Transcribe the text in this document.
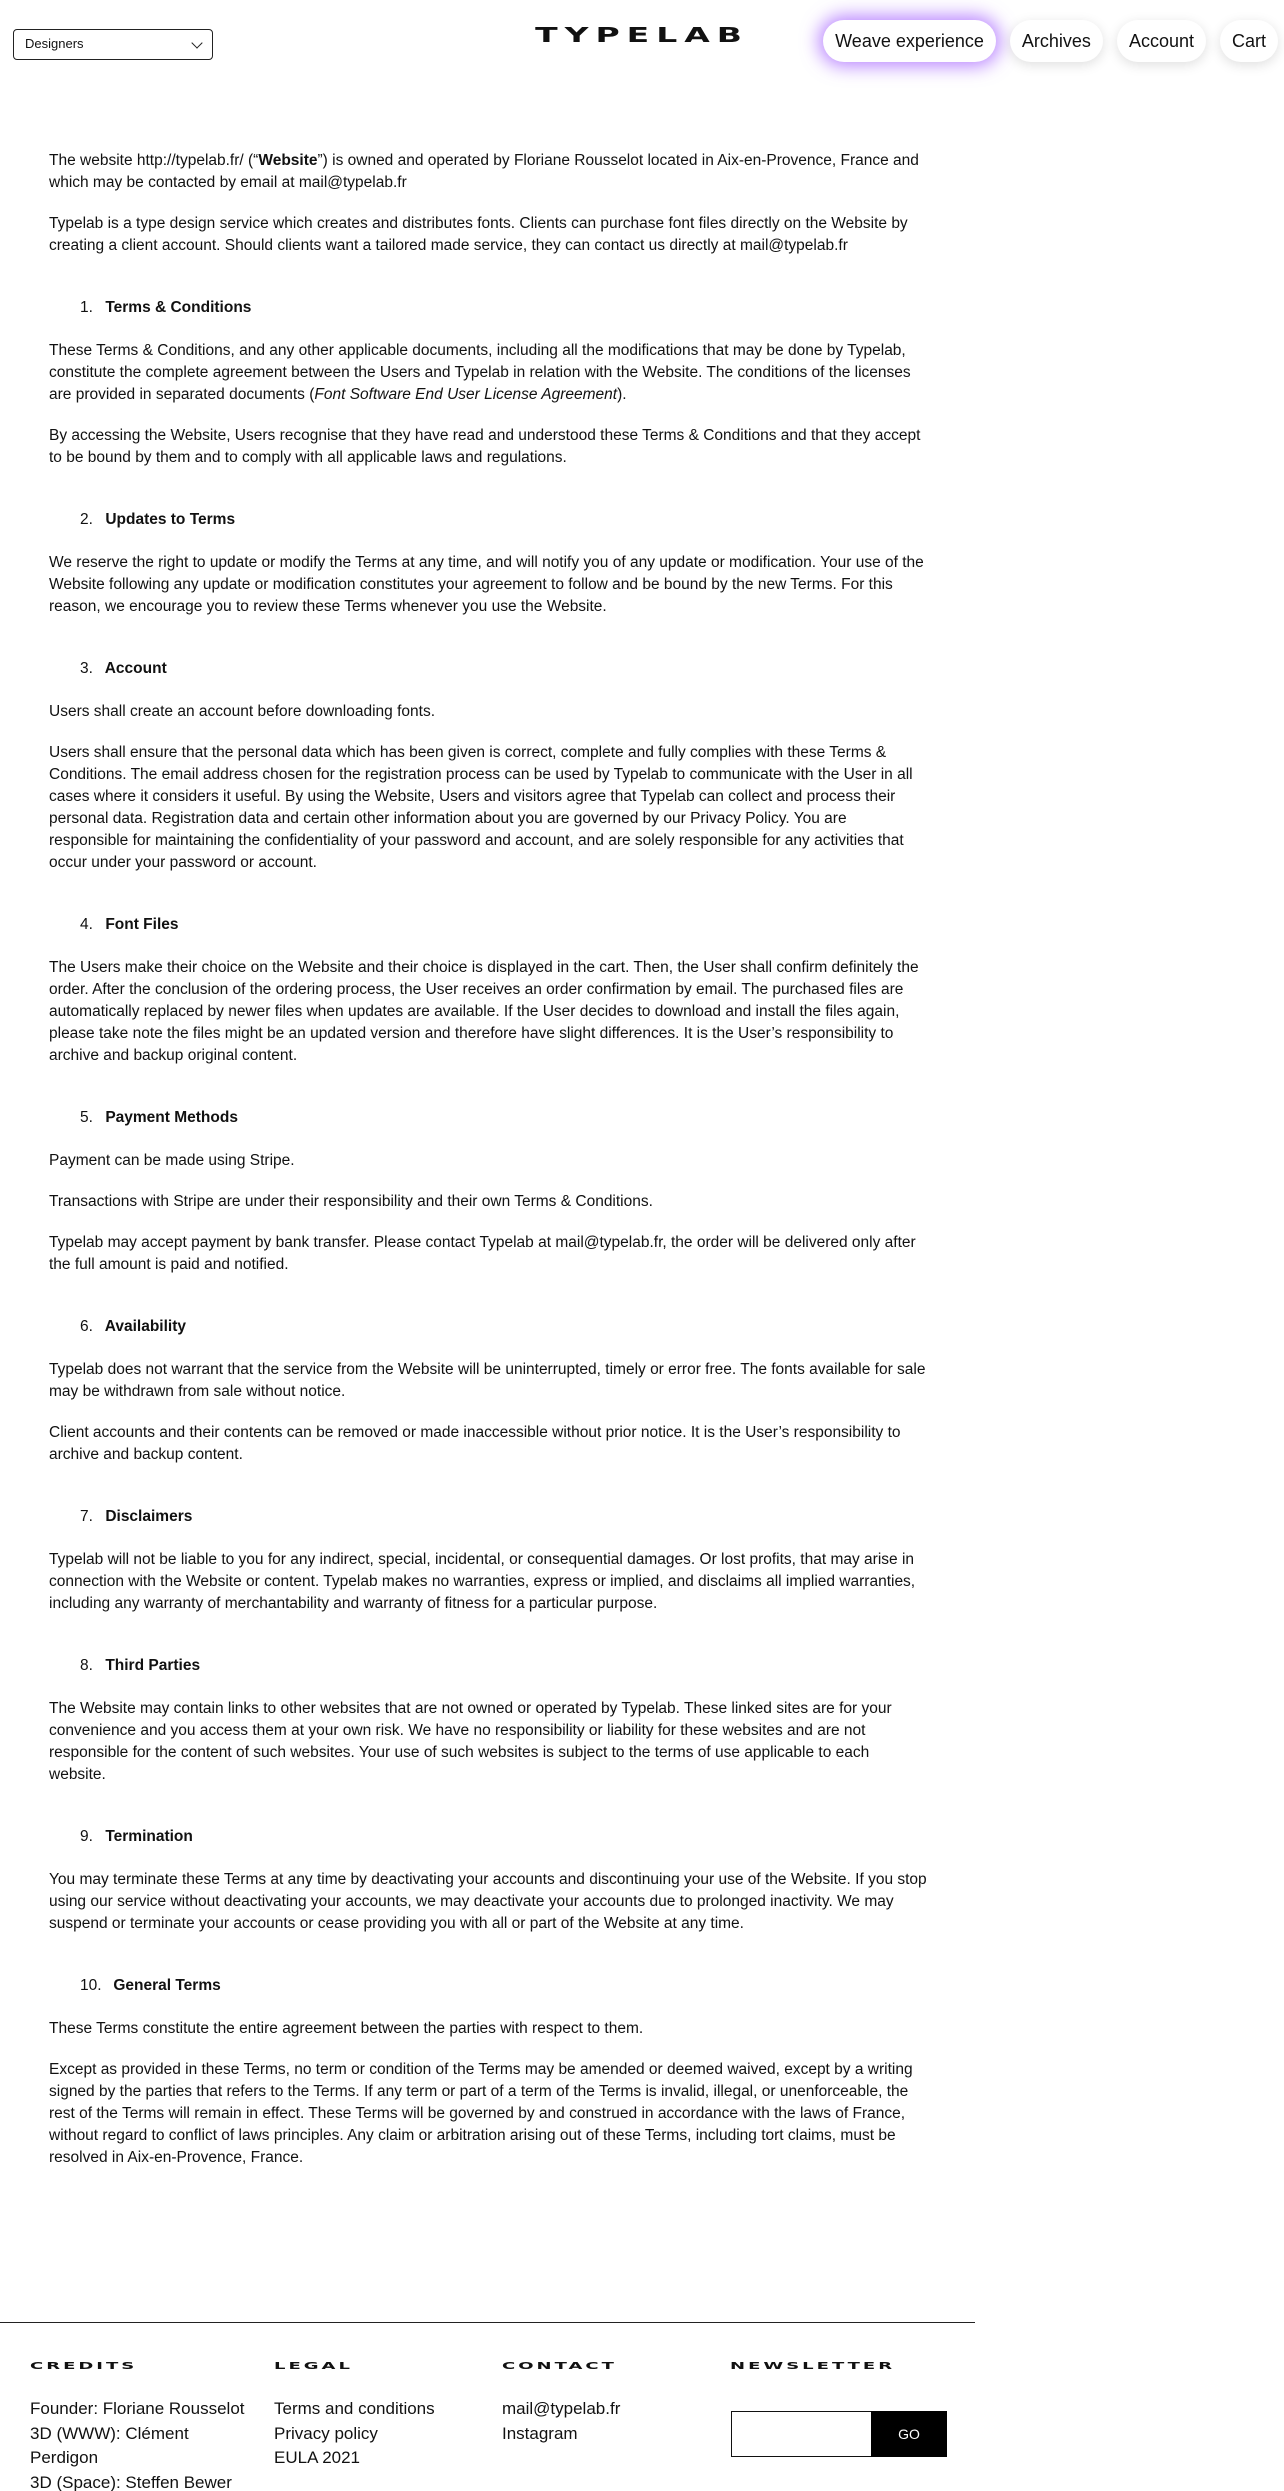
Designers	TYPELAB	Weave experience	Archives	Account	Cart

The website http://typelab.fr/ (“Website”) is owned and operated by Floriane Rousselot located in Aix-en-Provence, France and which may be contacted by email at mail@typelab.fr

Typelab is a type design service which creates and distributes fonts. Clients can purchase font files directly on the Website by creating a client account. Should clients want a tailored made service, they can contact us directly at mail@typelab.fr

1. Terms & Conditions

These Terms & Conditions, and any other applicable documents, including all the modifications that may be done by Typelab, constitute the complete agreement between the Users and Typelab in relation with the Website. The conditions of the licenses are provided in separated documents (Font Software End User License Agreement).

By accessing the Website, Users recognise that they have read and understood these Terms & Conditions and that they accept to be bound by them and to comply with all applicable laws and regulations.

2. Updates to Terms

We reserve the right to update or modify the Terms at any time, and will notify you of any update or modification. Your use of the Website following any update or modification constitutes your agreement to follow and be bound by the new Terms. For this reason, we encourage you to review these Terms whenever you use the Website.

3. Account

Users shall create an account before downloading fonts.

Users shall ensure that the personal data which has been given is correct, complete and fully complies with these Terms & Conditions. The email address chosen for the registration process can be used by Typelab to communicate with the User in all cases where it considers it useful. By using the Website, Users and visitors agree that Typelab can collect and process their personal data. Registration data and certain other information about you are governed by our Privacy Policy. You are responsible for maintaining the confidentiality of your password and account, and are solely responsible for any activities that occur under your password or account.

4. Font Files

The Users make their choice on the Website and their choice is displayed in the cart. Then, the User shall confirm definitely the order. After the conclusion of the ordering process, the User receives an order confirmation by email. The purchased files are automatically replaced by newer files when updates are available. If the User decides to download and install the files again, please take note the files might be an updated version and therefore have slight differences. It is the User’s responsibility to archive and backup original content.

5. Payment Methods

Payment can be made using Stripe.

Transactions with Stripe are under their responsibility and their own Terms & Conditions.

Typelab may accept payment by bank transfer. Please contact Typelab at mail@typelab.fr, the order will be delivered only after the full amount is paid and notified.

6. Availability

Typelab does not warrant that the service from the Website will be uninterrupted, timely or error free. The fonts available for sale may be withdrawn from sale without notice.

Client accounts and their contents can be removed or made inaccessible without prior notice. It is the User’s responsibility to archive and backup content.

7. Disclaimers

Typelab will not be liable to you for any indirect, special, incidental, or consequential damages. Or lost profits, that may arise in connection with the Website or content. Typelab makes no warranties, express or implied, and disclaims all implied warranties, including any warranty of merchantability and warranty of fitness for a particular purpose.

8. Third Parties

The Website may contain links to other websites that are not owned or operated by Typelab. These linked sites are for your convenience and you access them at your own risk. We have no responsibility or liability for these websites and are not responsible for the content of such websites. Your use of such websites is subject to the terms of use applicable to each website.

9. Termination

You may terminate these Terms at any time by deactivating your accounts and discontinuing your use of the Website. If you stop using our service without deactivating your accounts, we may deactivate your accounts due to prolonged inactivity. We may suspend or terminate your accounts or cease providing you with all or part of the Website at any time.

10. General Terms

These Terms constitute the entire agreement between the parties with respect to them.

Except as provided in these Terms, no term or condition of the Terms may be amended or deemed waived, except by a writing signed by the parties that refers to the Terms. If any term or part of a term of the Terms is invalid, illegal, or unenforceable, the rest of the Terms will remain in effect. These Terms will be governed by and construed in accordance with the laws of France, without regard to conflict of laws principles. Any claim or arbitration arising out of these Terms, including tort claims, must be resolved in Aix-en-Provence, France.

CREDITS
Founder: Floriane Rousselot
3D (WWW): Clément
Perdigon
3D (Space): Steffen Bewer
LEGAL
Terms and conditions
Privacy policy
EULA 2021
CONTACT
mail@typelab.fr
Instagram
NEWSLETTER
GO
